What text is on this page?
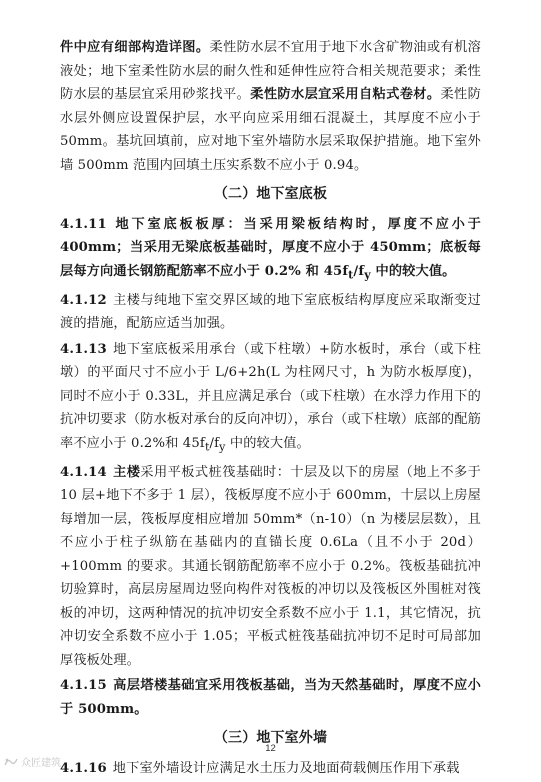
件中应有细部构造详图。柔性防水层不宜用于地下水含矿物油或有机溶液处；地下室柔性防水层的耐久性和延伸性应符合相关规范要求；柔性防水层的基层宜采用砂浆找平。柔性防水层宜采用自粘式卷材。柔性防水层外侧应设置保护层，水平向应采用细石混凝土，其厚度不应小于50mm。基坑回填前，应对地下室外墙防水层采取保护措施。地下室外墙 500mm 范围内回填土压实系数不应小于 0.94。

（二）地下室底板

4.1.11 地下室底板板厚：当采用梁板结构时，厚度不应小于 400mm；当采用无梁底板基础时，厚度不应小于 450mm；底板每层每方向通长钢筋配筋率不应小于 0.2% 和 $45f_t/f_y$ 中的较大值。

4.1.12 主楼与纯地下室交界区域的地下室底板结构厚度应采取渐变过渡的措施，配筋应适当加强。

4.1.13 地下室底板采用承台（或下柱墩）+防水板时，承台（或下柱墩）的平面尺寸不应小于 L/6+2h(L 为柱网尺寸，h 为防水板厚度)，同时不应小于 0.33L，并且应满足承台（或下柱墩）在水浮力作用下的抗冲切要求（防水板对承台的反向冲切），承台（或下柱墩）底部的配筋率不应小于 0.2%和 $45f_t/f_y$ 中的较大值。

4.1.14 主楼采用平板式桩筏基础时：十层及以下的房屋（地上不多于 10 层+地下不多于 1 层），筏板厚度不应小于 600mm，十层以上房屋每增加一层，筏板厚度相应增加 50mm*（n-10）（n 为楼层层数），且不应小于柱子纵筋在基础内的直锚长度 0.6La（且不小于 20d）+100mm 的要求。其通长钢筋配筋率不应小于 0.2%。筏板基础抗冲切验算时，高层房屋周边竖向构件对筏板的冲切以及筏板区外围桩对筏板的冲切，这两种情况的抗冲切安全系数不应小于 1.1，其它情况，抗冲切安全系数不应小于 1.05；平板式桩筏基础抗冲切不足时可局部加厚筏板处理。

4.1.15 高层塔楼基础宜采用筏板基础，当为天然基础时，厚度不应小于 500mm。

（三）地下室外墙

4.1.16 地下室外墙设计应满足水土压力及地面荷载侧压作用下承载

12
众匠建筑
